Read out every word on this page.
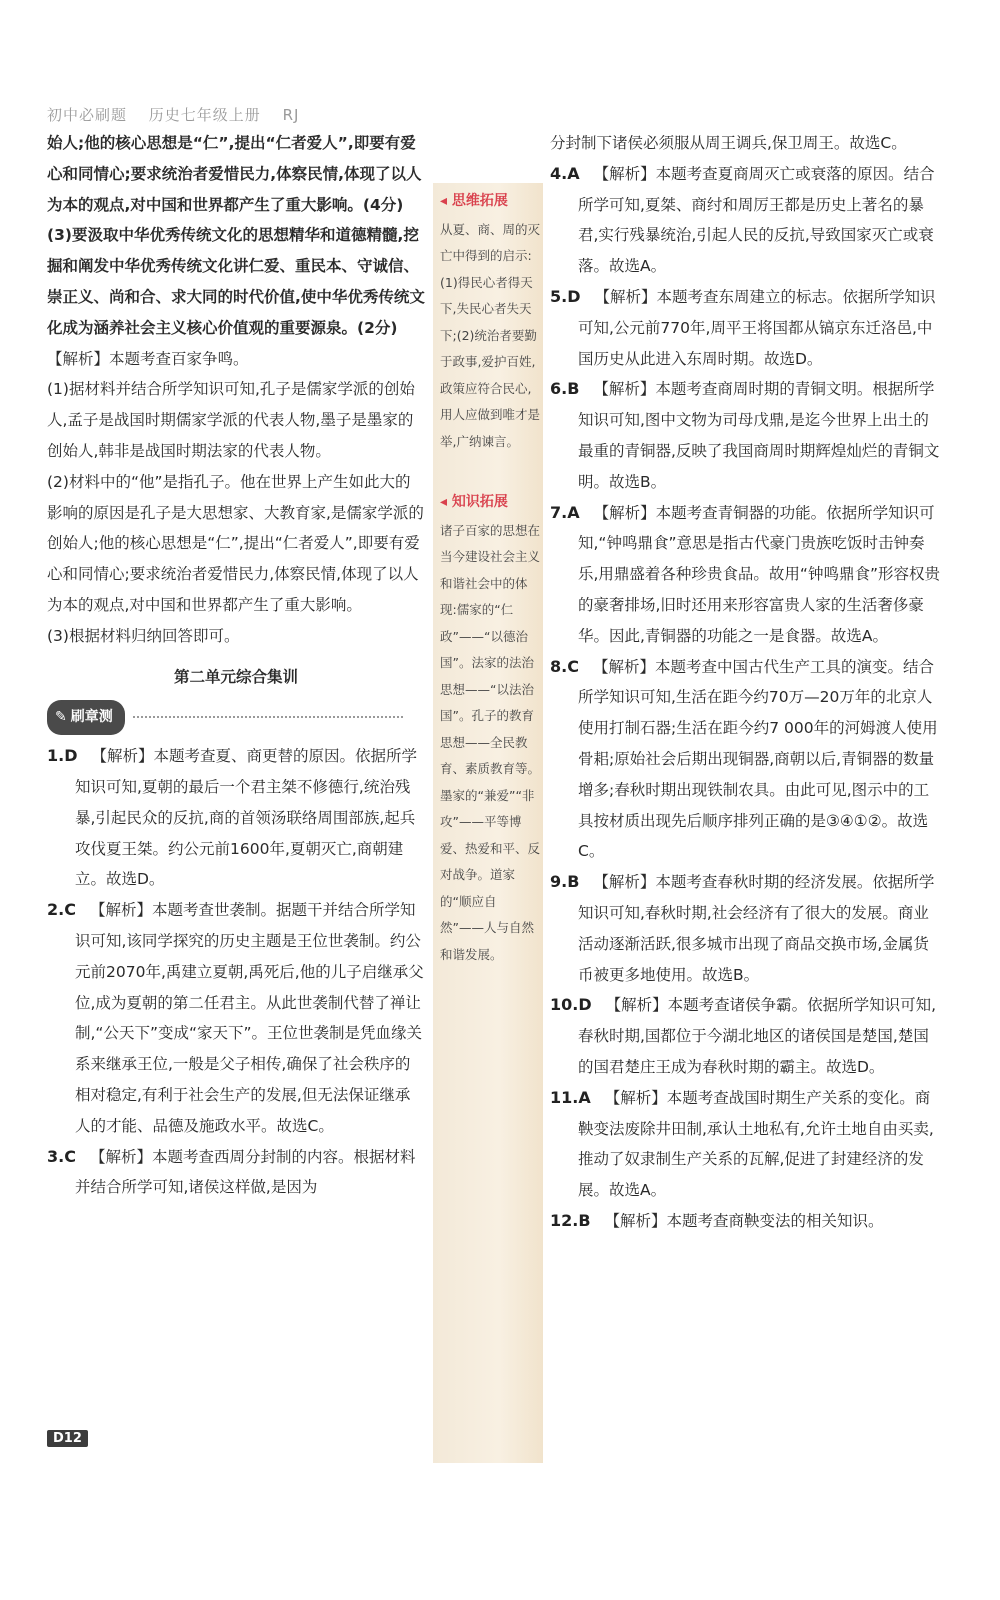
初中必刷题 历史七年级上册 RJ

始人;他的核心思想是“仁”,提出“仁者爱人”,即要有爱心和同情心;要求统治者爱惜民力,体察民情,体现了以人为本的观点,对中国和世界都产生了重大影响。(4分)

(3)要汲取中华优秀传统文化的思想精华和道德精髓,挖掘和阐发中华优秀传统文化讲仁爱、重民本、守诚信、崇正义、尚和合、求大同的时代价值,使中华优秀传统文化成为涵养社会主义核心价值观的重要源泉。(2分)

【解析】本题考查百家争鸣。

(1)据材料并结合所学知识可知,孔子是儒家学派的创始人,孟子是战国时期儒家学派的代表人物,墨子是墨家的创始人,韩非是战国时期法家的代表人物。

(2)材料中的“他”是指孔子。他在世界上产生如此大的影响的原因是孔子是大思想家、大教育家,是儒家学派的创始人;他的核心思想是“仁”,提出“仁者爱人”,即要有爱心和同情心;要求统治者爱惜民力,体察民情,体现了以人为本的观点,对中国和世界都产生了重大影响。

(3)根据材料归纳回答即可。

第二单元综合集训
✎ 刷章测

1.D 【解析】本题考查夏、商更替的原因。依据所学知识可知,夏朝的最后一个君主桀不修德行,统治残暴,引起民众的反抗,商的首领汤联络周围部族,起兵攻伐夏王桀。约公元前1600年,夏朝灭亡,商朝建立。故选D。

2.C 【解析】本题考查世袭制。据题干并结合所学知识可知,该同学探究的历史主题是王位世袭制。约公元前2070年,禹建立夏朝,禹死后,他的儿子启继承父位,成为夏朝的第二任君主。从此世袭制代替了禅让制,“公天下”变成“家天下”。王位世袭制是凭血缘关系来继承王位,一般是父子相传,确保了社会秩序的相对稳定,有利于社会生产的发展,但无法保证继承人的才能、品德及施政水平。故选C。

3.C 【解析】本题考查西周分封制的内容。根据材料并结合所学可知,诸侯这样做,是因为

◂ 思维拓展
从夏、商、周的灭亡中得到的启示:(1)得民心者得天下,失民心者失天下;(2)统治者要勤于政事,爱护百姓,政策应符合民心,用人应做到唯才是举,广纳谏言。
◂ 知识拓展
诸子百家的思想在当今建设社会主义和谐社会中的体现:儒家的“仁政”——“以德治国”。法家的法治思想——“以法治国”。孔子的教育思想——全民教育、素质教育等。墨家的“兼爱”“非攻”——平等博爱、热爱和平、反对战争。道家的“顺应自然”——人与自然和谐发展。

分封制下诸侯必须服从周王调兵,保卫周王。故选C。

4.A 【解析】本题考查夏商周灭亡或衰落的原因。结合所学可知,夏桀、商纣和周厉王都是历史上著名的暴君,实行残暴统治,引起人民的反抗,导致国家灭亡或衰落。故选A。

5.D 【解析】本题考查东周建立的标志。依据所学知识可知,公元前770年,周平王将国都从镐京东迁洛邑,中国历史从此进入东周时期。故选D。

6.B 【解析】本题考查商周时期的青铜文明。根据所学知识可知,图中文物为司母戊鼎,是迄今世界上出土的最重的青铜器,反映了我国商周时期辉煌灿烂的青铜文明。故选B。

7.A 【解析】本题考查青铜器的功能。依据所学知识可知,“钟鸣鼎食”意思是指古代豪门贵族吃饭时击钟奏乐,用鼎盛着各种珍贵食品。故用“钟鸣鼎食”形容权贵的豪奢排场,旧时还用来形容富贵人家的生活奢侈豪华。因此,青铜器的功能之一是食器。故选A。

8.C 【解析】本题考查中国古代生产工具的演变。结合所学知识可知,生活在距今约70万—20万年的北京人使用打制石器;生活在距今约7 000年的河姆渡人使用骨耜;原始社会后期出现铜器,商朝以后,青铜器的数量增多;春秋时期出现铁制农具。由此可见,图示中的工具按材质出现先后顺序排列正确的是③④①②。故选C。

9.B 【解析】本题考查春秋时期的经济发展。依据所学知识可知,春秋时期,社会经济有了很大的发展。商业活动逐渐活跃,很多城市出现了商品交换市场,金属货币被更多地使用。故选B。

10.D 【解析】本题考查诸侯争霸。依据所学知识可知,春秋时期,国都位于今湖北地区的诸侯国是楚国,楚国的国君楚庄王成为春秋时期的霸主。故选D。

11.A 【解析】本题考查战国时期生产关系的变化。商鞅变法废除井田制,承认土地私有,允许土地自由买卖,推动了奴隶制生产关系的瓦解,促进了封建经济的发展。故选A。

12.B 【解析】本题考查商鞅变法的相关知识。

D12
